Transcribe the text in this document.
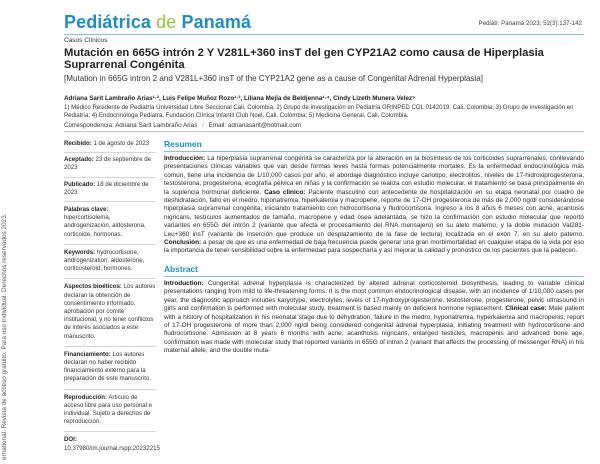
ernational. Revista de acceso gratuito. Para uso individual. Derechos reservados 2023.
Pediátrica de Panamá	Pediátr. Panamá 2023; 52(3):137-142
Casos Clínicos
Mutación en 665G intrón 2 Y V281L+360 insT del gen CYP21A2 como causa de Hiperplasia Suprarrenal Congénita
[Mutation in 665G intron 2 and V281L+360 insT of the CYP21A2 gene as a cause of Congenital Adrenal Hyperplasia]
Adriana Sarit Lambraño Arias¹·², Luis Felipe Muñoz Rozo¹·³, Liliana Mejía de Beldjenna¹·⁴, Cindy Lizeth Munera Velez⁵
1) Médico Residente de Pediatría Universidad Libre Seccional Cali, Colombia; 2) Grupo de investigación en Pediatría GRINPED COL 0142019, Cali, Colombia; 3) Grupo de investigación en Pediatría; 4) Endocrinóloga Pediatra, Fundación Clínica Infantil Club Noel, Cali, Colombia; 5) Medicina General, Cali, Colombia.
Correspondencia: Adriana Sarit Lambraño Arias / Email: adrianasarit@hotmail.com
Recibido: 1 de agosto de 2023
Aceptado: 23 de septiembre de 2023
Publicado: 18 de diciembre de 2023
Palabras clave: hipercortisolema, androgenización, aldosterona, corticoide, hormonas.
Keywords: hydrocortisone, androgenization, aldosterone, corticosteroid, hormones.
Aspectos bioéticos: Los autores declaran la obtención de consentimiento informado, aprobación por comité institucional, y no tener conflictos de interés asociados a este manuscrito.
Financiamiento: Los autores declaran no haber recibido financiamiento externo para la preparación de este manuscrito.
Reproducción: Artículo de acceso libre para uso personal e individual. Sujeto a derechos de reproducción.
DOI:
10.37980/im.journal.rspp.20232215
Resumen

Introducción: La hiperplasia suprarrenal congénita se caracteriza por la alteración en la biosíntesis de los corticoides suprarrenales, conllevando presentaciones clínicas variables que van desde formas leves hasta formas potencialmente mortales. Es la enfermedad endocrinológica más común, tiene una incidencia de 1/10,000 casos por año, el abordaje diagnóstico incluye cariotipo, electrolitos, niveles de 17-hidroxiprogesterona, testosterona, progesterona, ecografía pélvica en niñas y la confirmación se realiza con estudio molecular, el tratamiento se basa principalmente en la suplencia hormonal deficiente. Caso clínico: Paciente masculino con antecedente de hospitalización en su etapa neonatal por cuadro de deshidratación, fallo en el medro, hiponatremia, hiperkalemia y macropene, reporte de 17-OH progesterona de más de 2,000 ng/dl considerándose hiperplasia suprarrenal congénita, iniciando tratamiento con hidrocortisona y fludrocortisona. Ingreso a los 8 años 6 meses con acné, acantosis nigricans, testículos aumentados de tamaño, macropene y edad ósea adelantada, se hizo la confirmación con estudio molecular que reportó variantes en 655G del intrón 2 (variante que afecta el procesamiento del RNA mensajero) en su alelo materno, y la doble mutación Val281-Leu+360 insT (variante de inserción que produce un desplazamiento de la fase de lectura) localizada en el exón 7, en su alelo paterno. Conclusión: a pesar de que es una enfermedad de baja frecuencia puede generar una gran morbimortalidad en cualquier etapa de la vida por eso la importancia de tener sensibilidad sobre la enfermedad para sospecharla y así mejorar la calidad y pronóstico de los pacientes que la padecen.

Abstract

Introduction: Congenital adrenal hyperplasia is characterized by altered adrenal corticosteroid biosynthesis, leading to variable clinical presentations ranging from mild to life-threatening forms. It is the most common endocrinological disease, with an incidence of 1/10,000 cases per year, the diagnostic approach includes karyotype, electrolytes, levels of 17-hydroxyprogesterone, testosterone, progesterone, pelvic ultrasound in girls and confirmation is performed with molecular study, treatment is based mainly on deficient hormone replacement. Clinical case: Male patient with a history of hospitalization in his neonatal stage due to dehydration, failure in the medro, hyponatremia, hyperkalemia and macropenis, report of 17-OH progesterone of more than 2,000 ng/dl being considered congenital adrenal hyperplasia, initiating treatment with hydrocortisone and fludrocortisone. Admission at 8 years 6 months with acne, acanthosis nigricans, enlarged testicles, macropenis and advanced bone age, confirmation was made with molecular study that reported variants in 655G of intron 2 (variant that affects the processing of messenger RNA) in his maternal allele, and the double muta-
